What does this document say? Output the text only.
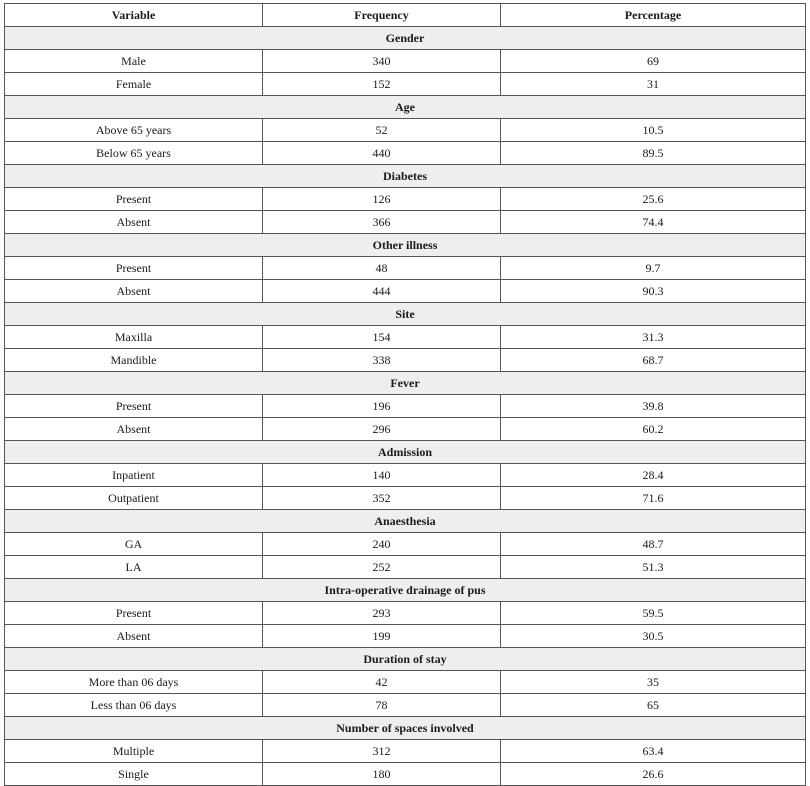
Variable	Frequency	Percentage
Gender		
Male	340	69
Female	152	31
Age		
Above 65 years	52	10.5
Below 65 years	440	89.5
Diabetes		
Present	126	25.6
Absent	366	74.4
Other illness		
Present	48	9.7
Absent	444	90.3
Site		
Maxilla	154	31.3
Mandible	338	68.7
Fever		
Present	196	39.8
Absent	296	60.2
Admission		
Inpatient	140	28.4
Outpatient	352	71.6
Anaesthesia		
GA	240	48.7
LA	252	51.3
Intra-operative drainage of pus		
Present	293	59.5
Absent	199	30.5
Duration of stay		
More than 06 days	42	35
Less than 06 days	78	65
Number of spaces involved		
Multiple	312	63.4
Single	180	26.6
